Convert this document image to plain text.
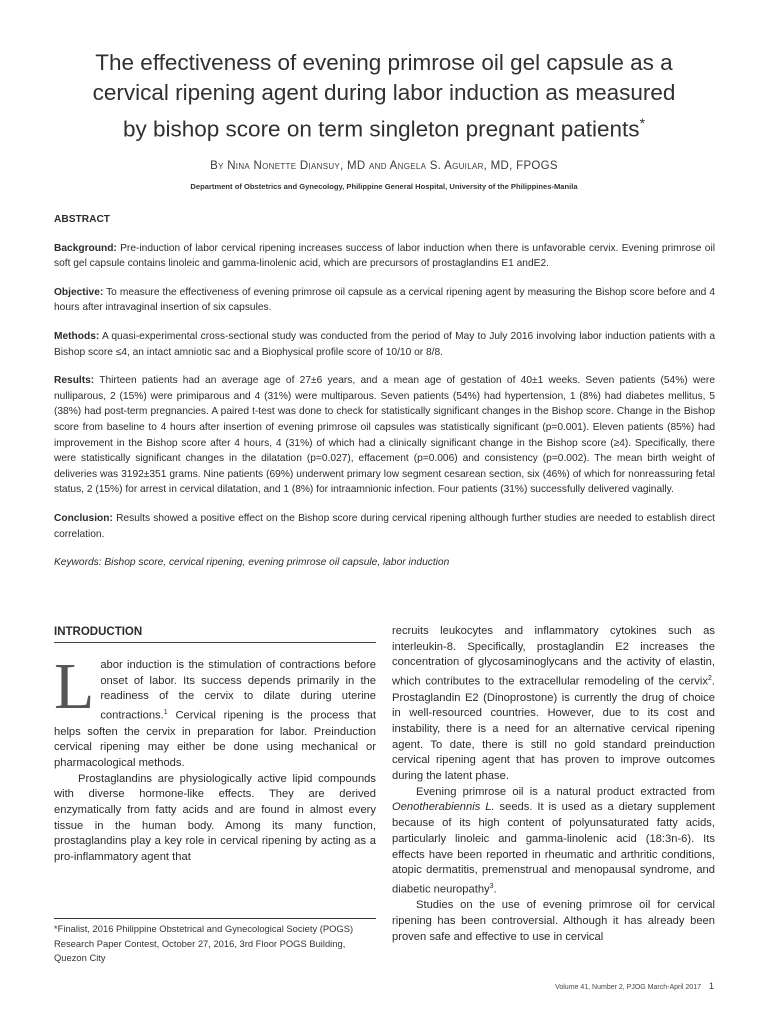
The effectiveness of evening primrose oil gel capsule as a
cervical ripening agent during labor induction as measured
by bishop score on term singleton pregnant patients*
By Nina Nonette Diansuy, MD and Angela S. Aguilar, MD, FPOGS
Department of Obstetrics and Gynecology, Philippine General Hospital, University of the Philippines-Manila
ABSTRACT

Background: Pre-induction of labor cervical ripening increases success of labor induction when there is unfavorable cervix. Evening primrose oil soft gel capsule contains linoleic and gamma-linolenic acid, which are precursors of prostaglandins E1 andE2.

Objective: To measure the effectiveness of evening primrose oil capsule as a cervical ripening agent by measuring the Bishop score before and 4 hours after intravaginal insertion of six capsules.

Methods: A quasi-experimental cross-sectional study was conducted from the period of May to July 2016 involving labor induction patients with a Bishop score ≤4, an intact amniotic sac and a Biophysical profile score of 10/10 or 8/8.

Results: Thirteen patients had an average age of 27±6 years, and a mean age of gestation of 40±1 weeks. Seven patients (54%) were nulliparous, 2 (15%) were primiparous and 4 (31%) were multiparous. Seven patients (54%) had hypertension, 1 (8%) had diabetes mellitus, 5 (38%) had post-term pregnancies. A paired t-test was done to check for statistically significant changes in the Bishop score. Change in the Bishop score from baseline to 4 hours after insertion of evening primrose oil capsules was statistically significant (p=0.001). Eleven patients (85%) had improvement in the Bishop score after 4 hours, 4 (31%) of which had a clinically significant change in the Bishop score (≥4). Specifically, there were statistically significant changes in the dilatation (p=0.027), effacement (p=0.006) and consistency (p=0.002). The mean birth weight of deliveries was 3192±351 grams. Nine patients (69%) underwent primary low segment cesarean section, six (46%) of which for nonreassuring fetal status, 2 (15%) for arrest in cervical dilatation, and 1 (8%) for intraamnionic infection. Four patients (31%) successfully delivered vaginally.

Conclusion: Results showed a positive effect on the Bishop score during cervical ripening although further studies are needed to establish direct correlation.

Keywords: Bishop score, cervical ripening, evening primrose oil capsule, labor induction

INTRODUCTION

Labor induction is the stimulation of contractions before onset of labor. Its success depends primarily in the readiness of the cervix to dilate during uterine contractions.$^1$ Cervical ripening is the process that helps soften the cervix in preparation for labor. Preinduction cervical ripening may either be done using mechanical or pharmacological methods.

Prostaglandins are physiologically active lipid compounds with diverse hormone-like effects. They are derived enzymatically from fatty acids and are found in almost every tissue in the human body. Among its many function, prostaglandins play a key role in cervical ripening by acting as a pro-inflammatory agent that

*Finalist, 2016 Philippine Obstetrical and Gynecological Society (POGS) Research Paper Contest, October 27, 2016, 3rd Floor POGS Building, Quezon City

recruits leukocytes and inflammatory cytokines such as interleukin-8. Specifically, prostaglandin E2 increases the concentration of glycosaminoglycans and the activity of elastin, which contributes to the extracellular remodeling of the cervix$^2$. Prostaglandin E2 (Dinoprostone) is currently the drug of choice in well-resourced countries. However, due to its cost and instability, there is a need for an alternative cervical ripening agent. To date, there is still no gold standard preinduction cervical ripening agent that has proven to improve outcomes during the latent phase.

Evening primrose oil is a natural product extracted from Oenotherabiennis L. seeds. It is used as a dietary supplement because of its high content of polyunsaturated fatty acids, particularly linoleic and gamma-linolenic acid (18:3n-6). Its effects have been reported in rheumatic and arthritic conditions, atopic dermatitis, premenstrual and menopausal syndrome, and diabetic neuropathy$^3$.

Studies on the use of evening primrose oil for cervical ripening has been controversial. Although it has already been proven safe and effective to use in cervical

Volume 41, Number 2, PJOG March-April 2017 1
